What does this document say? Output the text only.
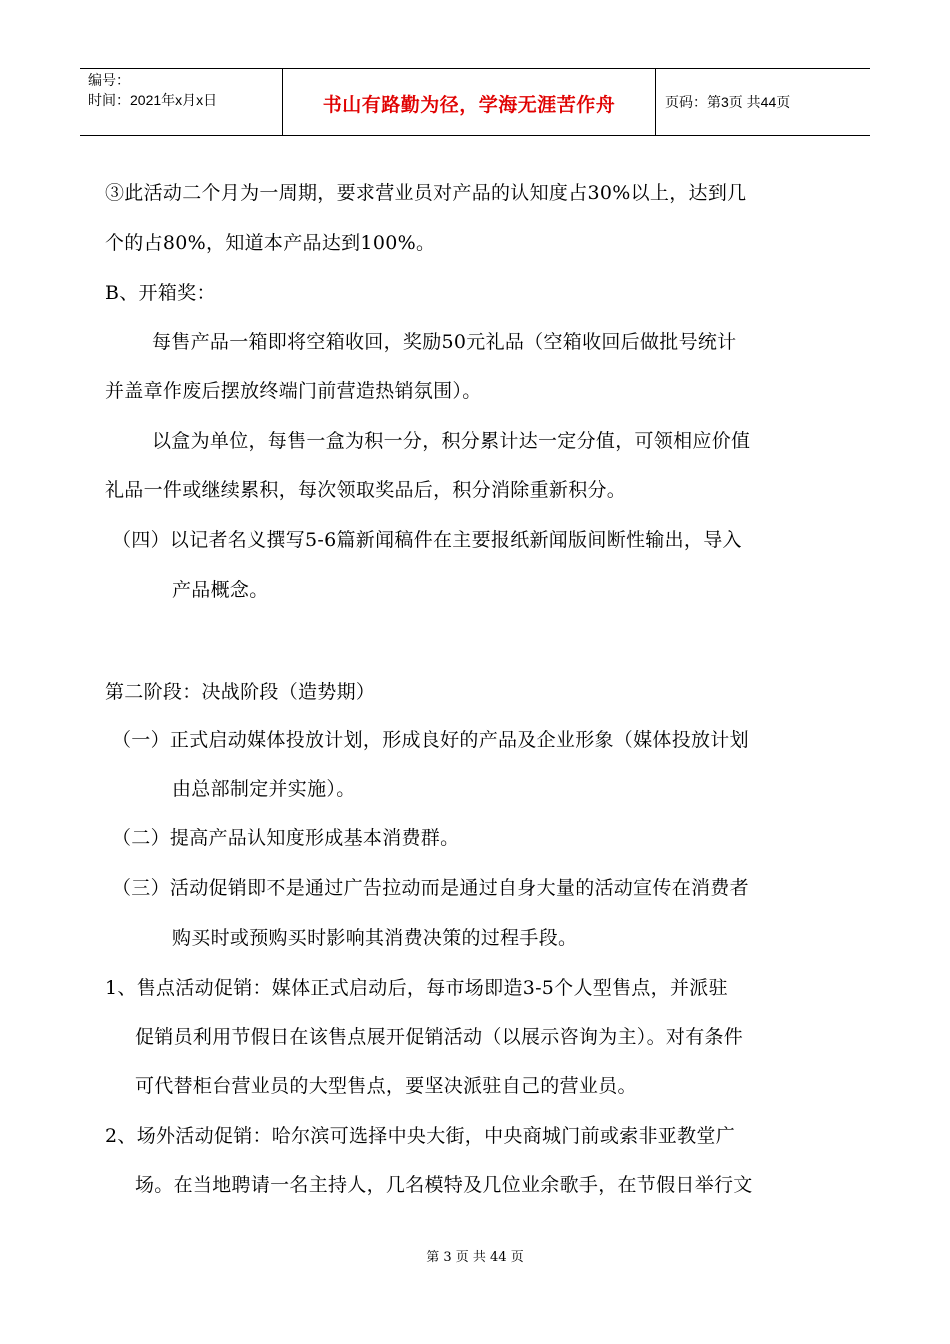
编号：
时间：2021年x月x日	书山有路勤为径，学海无涯苦作舟	页码：第3页 共44页
③此活动二个月为一周期，要求营业员对产品的认知度占30%以上，达到几
个的占80%，知道本产品达到100%。
B、开箱奖：
每售产品一箱即将空箱收回，奖励50元礼品（空箱收回后做批号统计
并盖章作废后摆放终端门前营造热销氛围）。
以盒为单位，每售一盒为积一分，积分累计达一定分值，可领相应价值
礼品一件或继续累积，每次领取奖品后，积分消除重新积分。
（四）以记者名义撰写5-6篇新闻稿件在主要报纸新闻版间断性输出，导入
产品概念。
第二阶段：决战阶段（造势期）
（一）正式启动媒体投放计划，形成良好的产品及企业形象（媒体投放计划
由总部制定并实施）。
（二）提高产品认知度形成基本消费群。
（三）活动促销即不是通过广告拉动而是通过自身大量的活动宣传在消费者
购买时或预购买时影响其消费决策的过程手段。
1、售点活动促销：媒体正式启动后，每市场即造3-5个人型售点，并派驻
促销员利用节假日在该售点展开促销活动（以展示咨询为主）。对有条件
可代替柜台营业员的大型售点，要坚决派驻自己的营业员。
2、场外活动促销：哈尔滨可选择中央大街，中央商城门前或索非亚教堂广
场。在当地聘请一名主持人，几名模特及几位业余歌手，在节假日举行文
第 3 页 共 44 页
